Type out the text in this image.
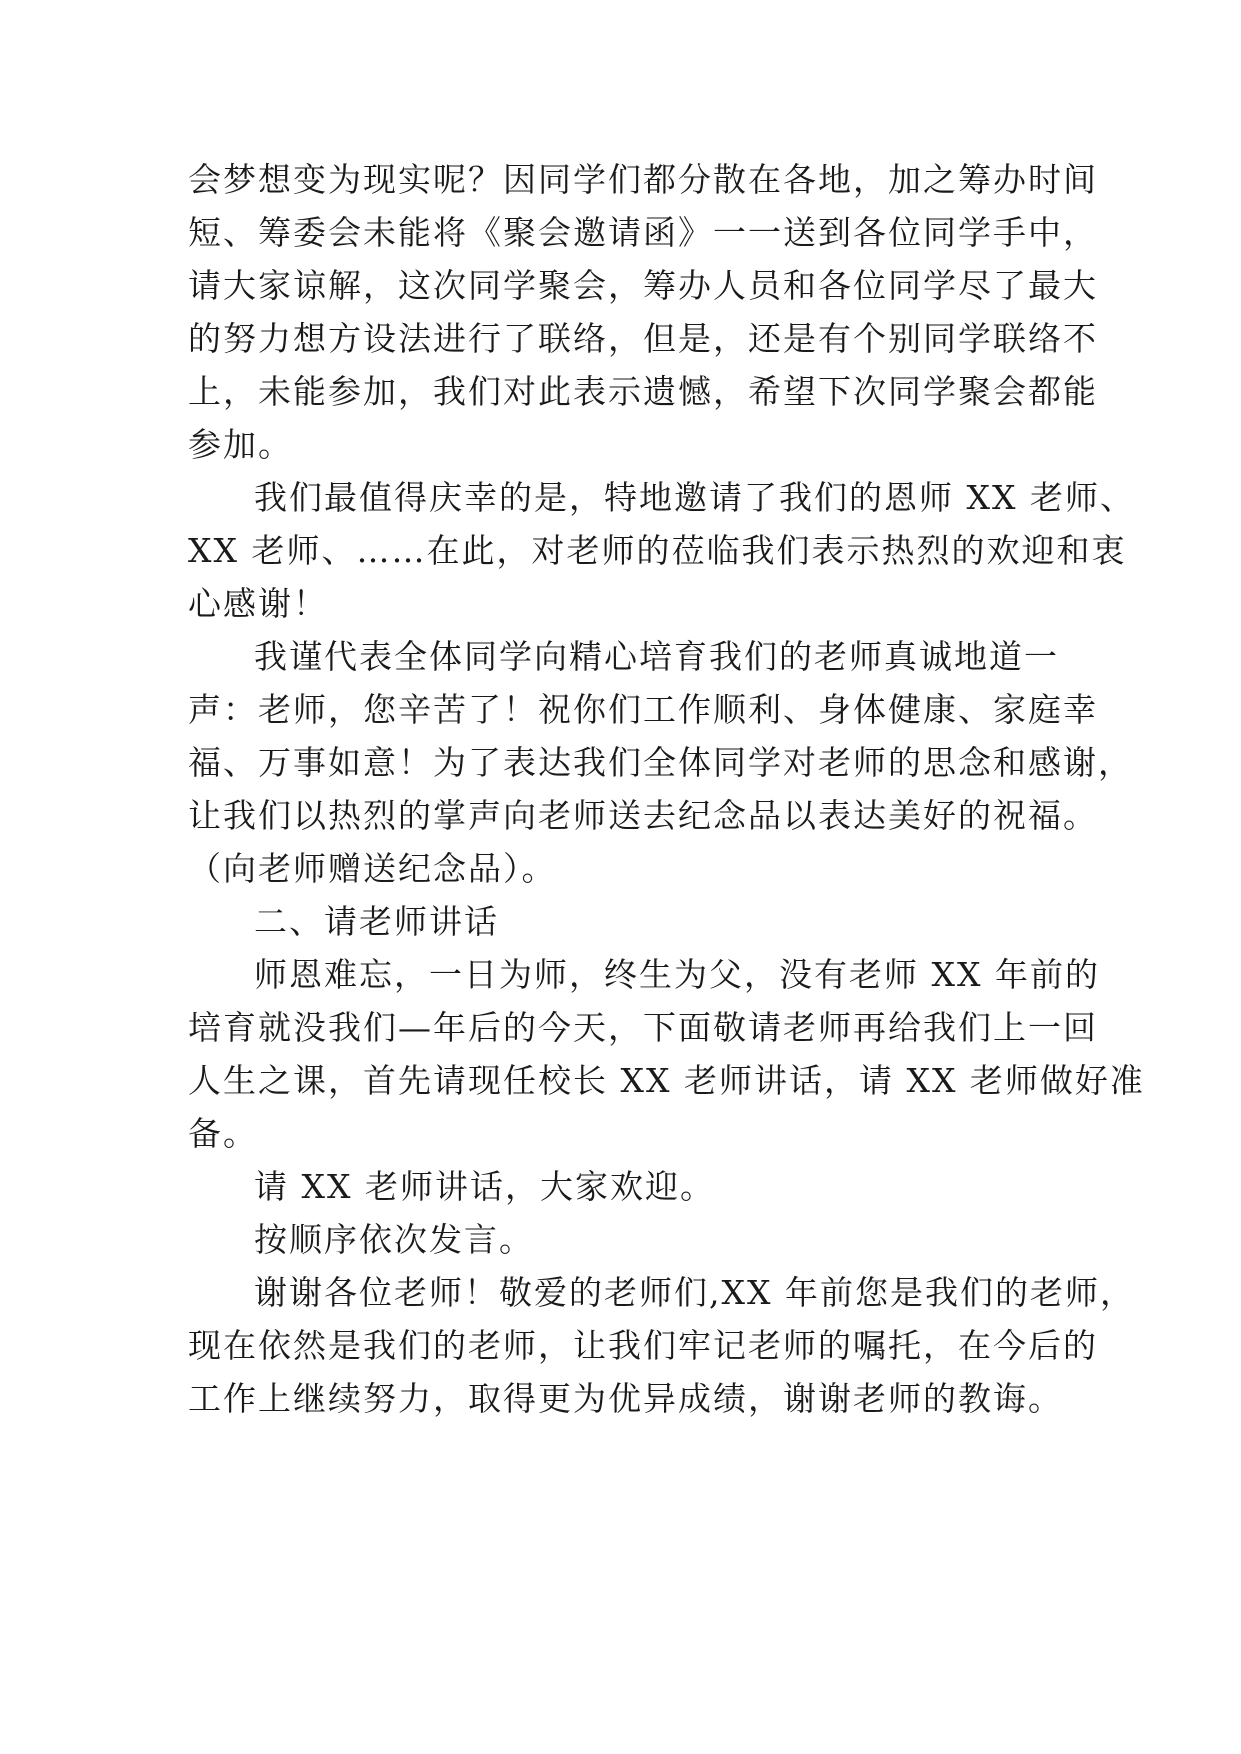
会梦想变为现实呢？因同学们都分散在各地，加之筹办时间
短、筹委会未能将《聚会邀请函》一一送到各位同学手中，
请大家谅解，这次同学聚会，筹办人员和各位同学尽了最大
的努力想方设法进行了联络，但是，还是有个别同学联络不
上，未能参加，我们对此表示遗憾，希望下次同学聚会都能
参加。
我们最值得庆幸的是，特地邀请了我们的恩师 XX 老师、
XX 老师、……在此，对老师的莅临我们表示热烈的欢迎和衷
心感谢！
我谨代表全体同学向精心培育我们的老师真诚地道一
声：老师，您辛苦了！祝你们工作顺利、身体健康、家庭幸
福、万事如意！为了表达我们全体同学对老师的思念和感谢，
让我们以热烈的掌声向老师送去纪念品以表达美好的祝福。
（向老师赠送纪念品）。
二、请老师讲话
师恩难忘，一日为师，终生为父，没有老师 XX 年前的
培育就没我们—年后的今天，下面敬请老师再给我们上一回
人生之课，首先请现任校长 XX 老师讲话，请 XX 老师做好准
备。
请 XX 老师讲话，大家欢迎。
按顺序依次发言。
谢谢各位老师！敬爱的老师们,XX 年前您是我们的老师，
现在依然是我们的老师，让我们牢记老师的嘱托，在今后的
工作上继续努力，取得更为优异成绩，谢谢老师的教诲。
